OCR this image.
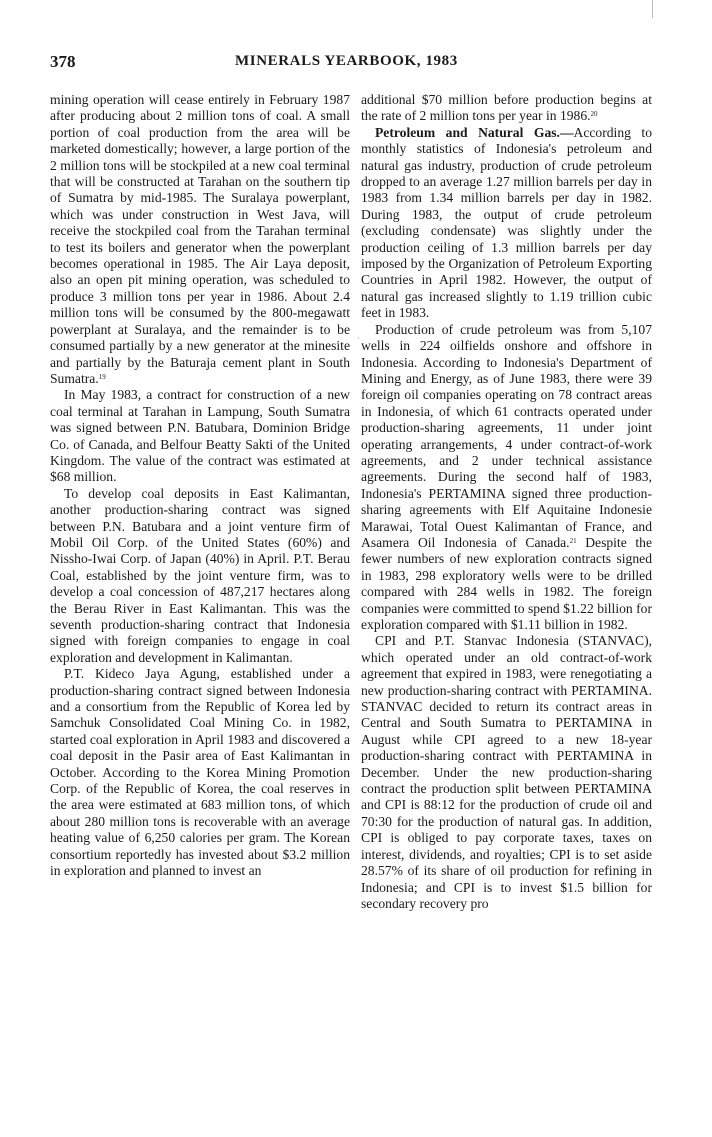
378	MINERALS YEARBOOK, 1983

mining operation will cease entirely in February 1987 after producing about 2 million tons of coal. A small portion of coal production from the area will be marketed domestically; however, a large portion of the 2 million tons will be stockpiled at a new coal terminal that will be constructed at Tarahan on the southern tip of Sumatra by mid-1985. The Suralaya powerplant, which was under construction in West Java, will receive the stockpiled coal from the Tarahan terminal to test its boilers and generator when the powerplant becomes operational in 1985. The Air Laya deposit, also an open pit mining operation, was scheduled to produce 3 million tons per year in 1986. About 2.4 million tons will be consumed by the 800-megawatt powerplant at Suralaya, and the remainder is to be consumed partially by a new generator at the minesite and partially by the Baturaja cement plant in South Sumatra.$^{19}$

In May 1983, a contract for construction of a new coal terminal at Tarahan in Lampung, South Sumatra was signed between P.N. Batubara, Dominion Bridge Co. of Canada, and Belfour Beatty Sakti of the United Kingdom. The value of the contract was estimated at $68 million.

To develop coal deposits in East Kalimantan, another production-sharing contract was signed between P.N. Batubara and a joint venture firm of Mobil Oil Corp. of the United States (60%) and Nissho-Iwai Corp. of Japan (40%) in April. P.T. Berau Coal, established by the joint venture firm, was to develop a coal concession of 487,217 hectares along the Berau River in East Kalimantan. This was the seventh production-sharing contract that Indonesia signed with foreign companies to engage in coal exploration and development in Kalimantan.

P.T. Kideco Jaya Agung, established under a production-sharing contract signed between Indonesia and a consortium from the Republic of Korea led by Samchuk Consolidated Coal Mining Co. in 1982, started coal exploration in April 1983 and discovered a coal deposit in the Pasir area of East Kalimantan in October. According to the Korea Mining Promotion Corp. of the Republic of Korea, the coal reserves in the area were estimated at 683 million tons, of which about 280 million tons is recoverable with an average heating value of 6,250 calories per gram. The Korean consortium reportedly has invested about $3.2 million in exploration and planned to invest an

·

additional $70 million before production begins at the rate of 2 million tons per year in 1986.20

Petroleum and Natural Gas.—According to monthly statistics of Indonesia's petroleum and natural gas industry, production of crude petroleum dropped to an average 1.27 million barrels per day in 1983 from 1.34 million barrels per day in 1982. During 1983, the output of crude petroleum (excluding condensate) was slightly under the production ceiling of 1.3 million barrels per day imposed by the Organization of Petroleum Exporting Countries in April 1982. However, the output of natural gas increased slightly to 1.19 trillion cubic feet in 1983.

Production of crude petroleum was from 5,107 wells in 224 oilfields onshore and offshore in Indonesia. According to Indonesia's Department of Mining and Energy, as of June 1983, there were 39 foreign oil companies operating on 78 contract areas in Indonesia, of which 61 contracts operated under production-sharing agreements, 11 under joint operating arrangements, 4 under contract-of-work agreements, and 2 under technical assistance agreements. During the second half of 1983, Indonesia's PERTAMINA signed three production-sharing agreements with Elf Aquitaine Indonesie Marawai, Total Ouest Kalimantan of France, and Asamera Oil Indonesia of Canada.$^{21}$ Despite the fewer numbers of new exploration contracts signed in 1983, 298 exploratory wells were to be drilled compared with 284 wells in 1982. The foreign companies were committed to spend $1.22 billion for exploration compared with $1.11 billion in 1982.

CPI and P.T. Stanvac Indonesia (STANVAC), which operated under an old contract-of-work agreement that expired in 1983, were renegotiating a new production-sharing contract with PERTAMINA. STANVAC decided to return its contract areas in Central and South Sumatra to PERTAMINA in August while CPI agreed to a new 18-year production-sharing contract with PERTAMINA in December. Under the new production-sharing contract the production split between PERTAMINA and CPI is 88:12 for the production of crude oil and 70:30 for the production of natural gas. In addition, CPI is obliged to pay corporate taxes, taxes on interest, dividends, and royalties; CPI is to set aside 28.57% of its share of oil production for refining in Indonesia; and CPI is to invest $1.5 billion for secondary recovery pro
